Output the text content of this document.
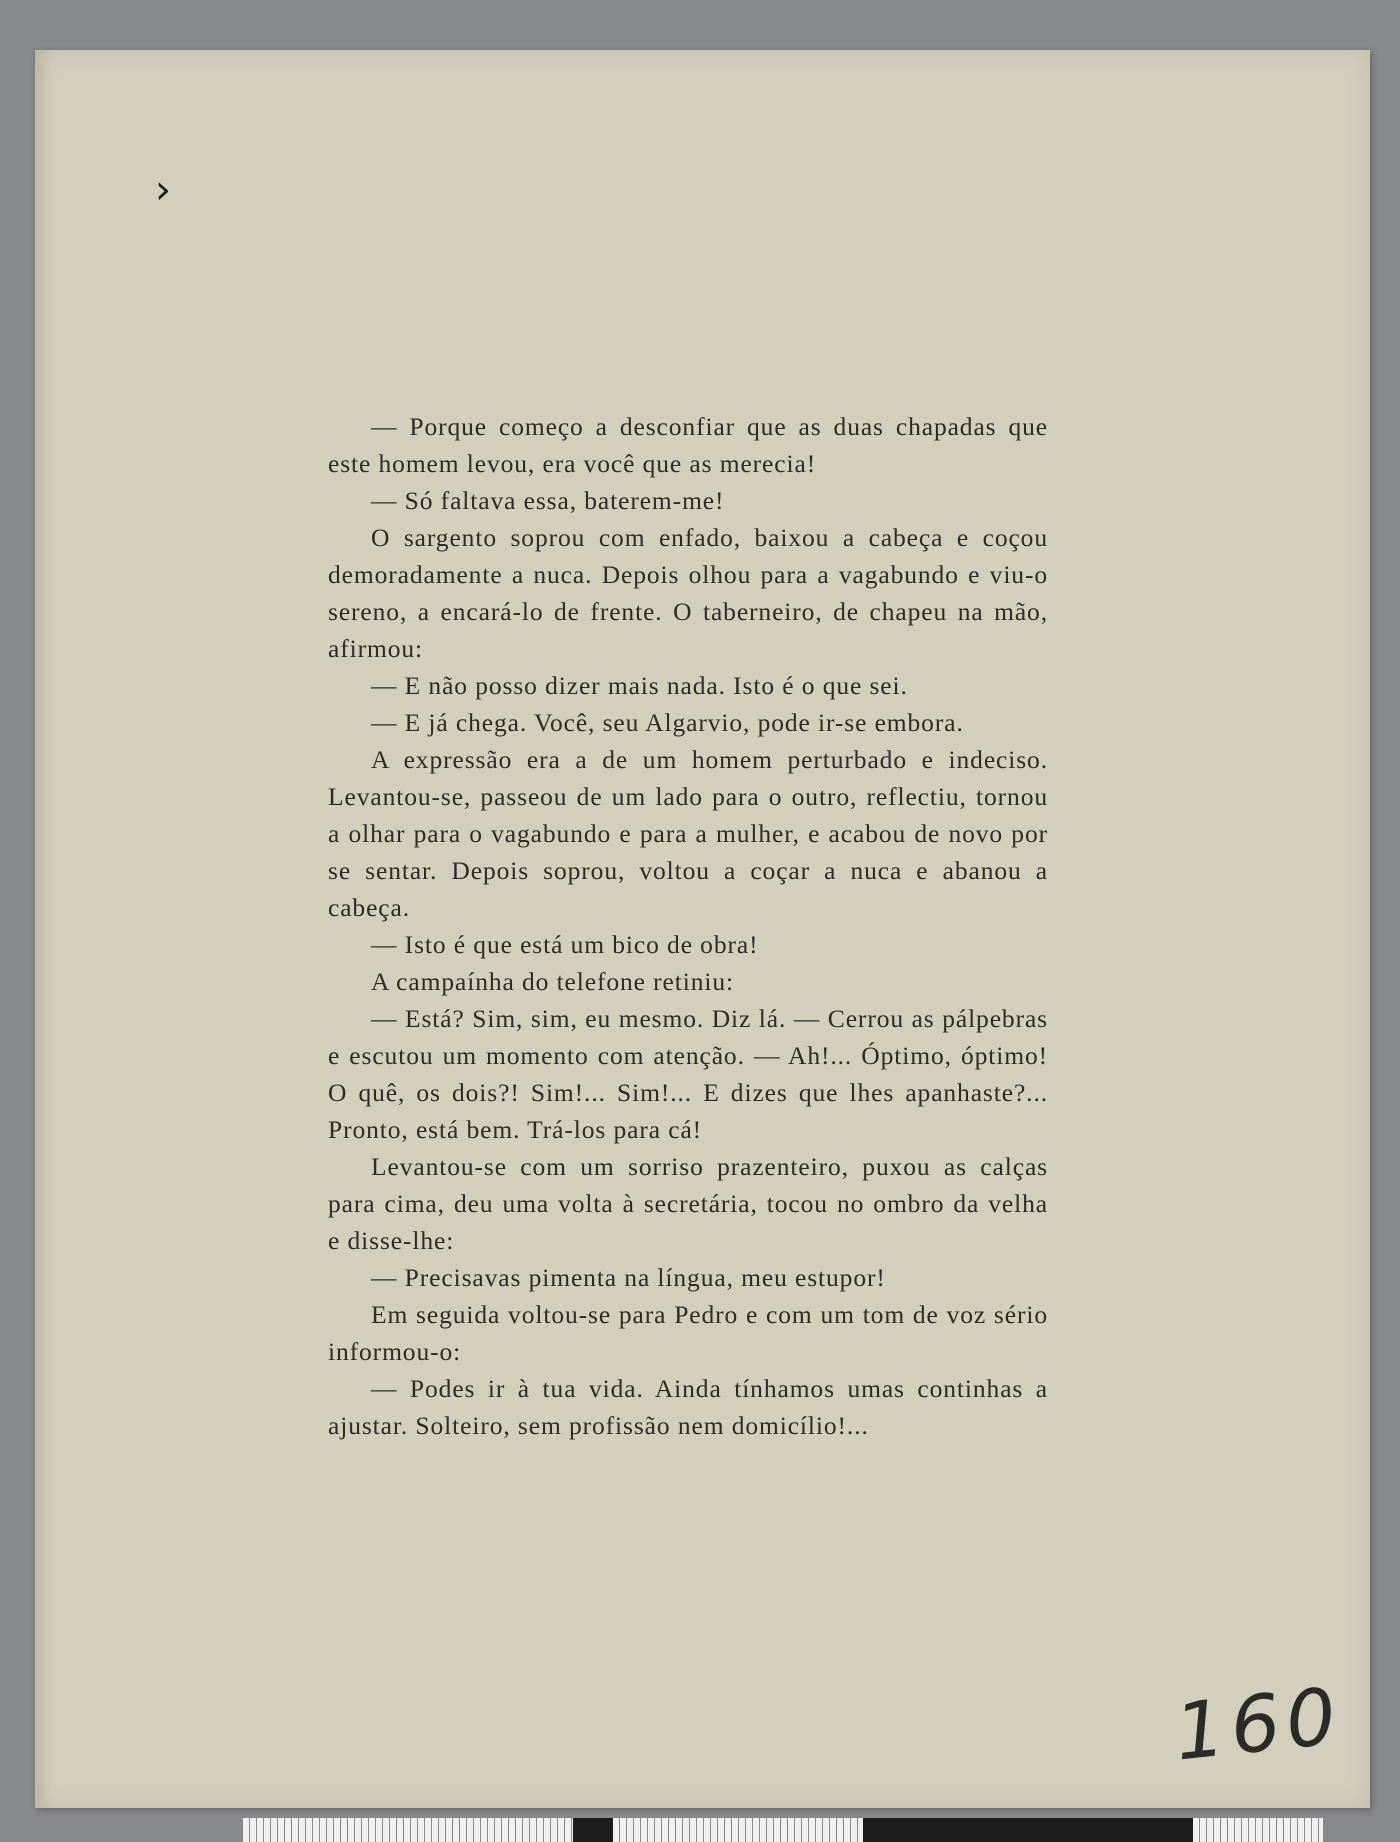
›

— Porque começo a desconfiar que as duas chapadas que este homem levou, era você que as merecia!

— Só faltava essa, baterem-me!

O sargento soprou com enfado, baixou a cabeça e coçou demoradamente a nuca. Depois olhou para a vagabundo e viu-o sereno, a encará-lo de frente. O taberneiro, de chapeu na mão, afirmou:

— E não posso dizer mais nada. Isto é o que sei.

— E já chega. Você, seu Algarvio, pode ir-se embora.

A expressão era a de um homem perturbado e indeciso. Levantou-se, passeou de um lado para o outro, reflectiu, tornou a olhar para o vagabundo e para a mulher, e acabou de novo por se sentar. Depois soprou, voltou a coçar a nuca e abanou a cabeça.

— Isto é que está um bico de obra!

A campaínha do telefone retiniu:

— Está? Sim, sim, eu mesmo. Diz lá. — Cerrou as pálpebras e escutou um momento com atenção. — Ah!... Óptimo, óptimo! O quê, os dois?! Sim!... Sim!... E dizes que lhes apanhaste?... Pronto, está bem. Trá-los para cá!

Levantou-se com um sorriso prazenteiro, puxou as calças para cima, deu uma volta à secretária, tocou no ombro da velha e disse-lhe:

— Precisavas pimenta na língua, meu estupor!

Em seguida voltou-se para Pedro e com um tom de voz sério informou-o:

— Podes ir à tua vida. Ainda tínhamos umas continhas a ajustar. Solteiro, sem profissão nem domicílio!...

160
